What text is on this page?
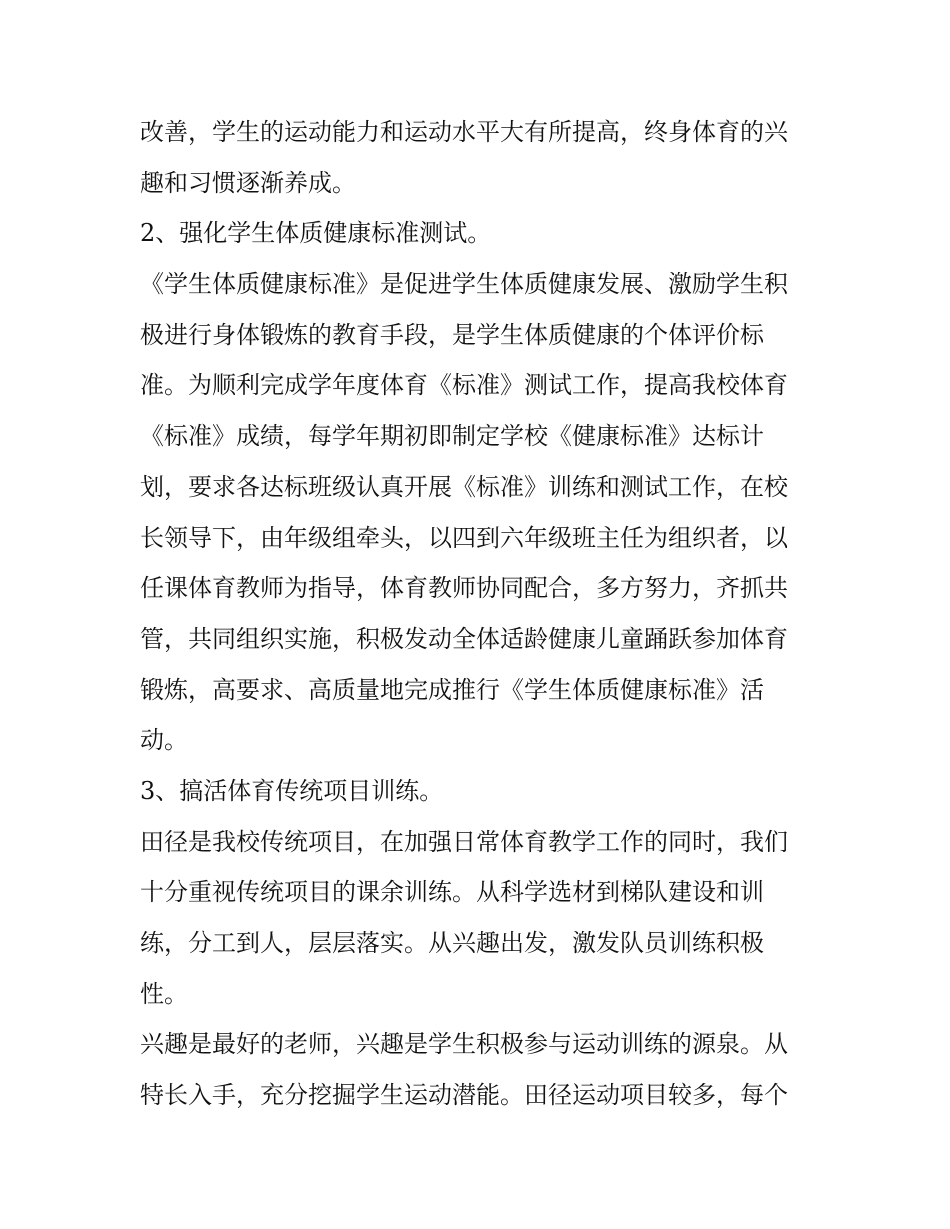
改善，学生的运动能力和运动水平大有所提高，终身体育的兴
趣和习惯逐渐养成。
2、强化学生体质健康标准测试。
《学生体质健康标准》是促进学生体质健康发展、激励学生积
极进行身体锻炼的教育手段，是学生体质健康的个体评价标
准。为顺利完成学年度体育《标准》测试工作，提高我校体育
《标准》成绩，每学年期初即制定学校《健康标准》达标计
划，要求各达标班级认真开展《标准》训练和测试工作，在校
长领导下，由年级组牵头，以四到六年级班主任为组织者，以
任课体育教师为指导，体育教师协同配合，多方努力，齐抓共
管，共同组织实施，积极发动全体适龄健康儿童踊跃参加体育
锻炼，高要求、高质量地完成推行《学生体质健康标准》活
动。
3、搞活体育传统项目训练。
田径是我校传统项目，在加强日常体育教学工作的同时，我们
十分重视传统项目的课余训练。从科学选材到梯队建设和训
练，分工到人，层层落实。从兴趣出发，激发队员训练积极
性。
兴趣是最好的老师，兴趣是学生积极参与运动训练的源泉。从
特长入手，充分挖掘学生运动潜能。田径运动项目较多，每个
